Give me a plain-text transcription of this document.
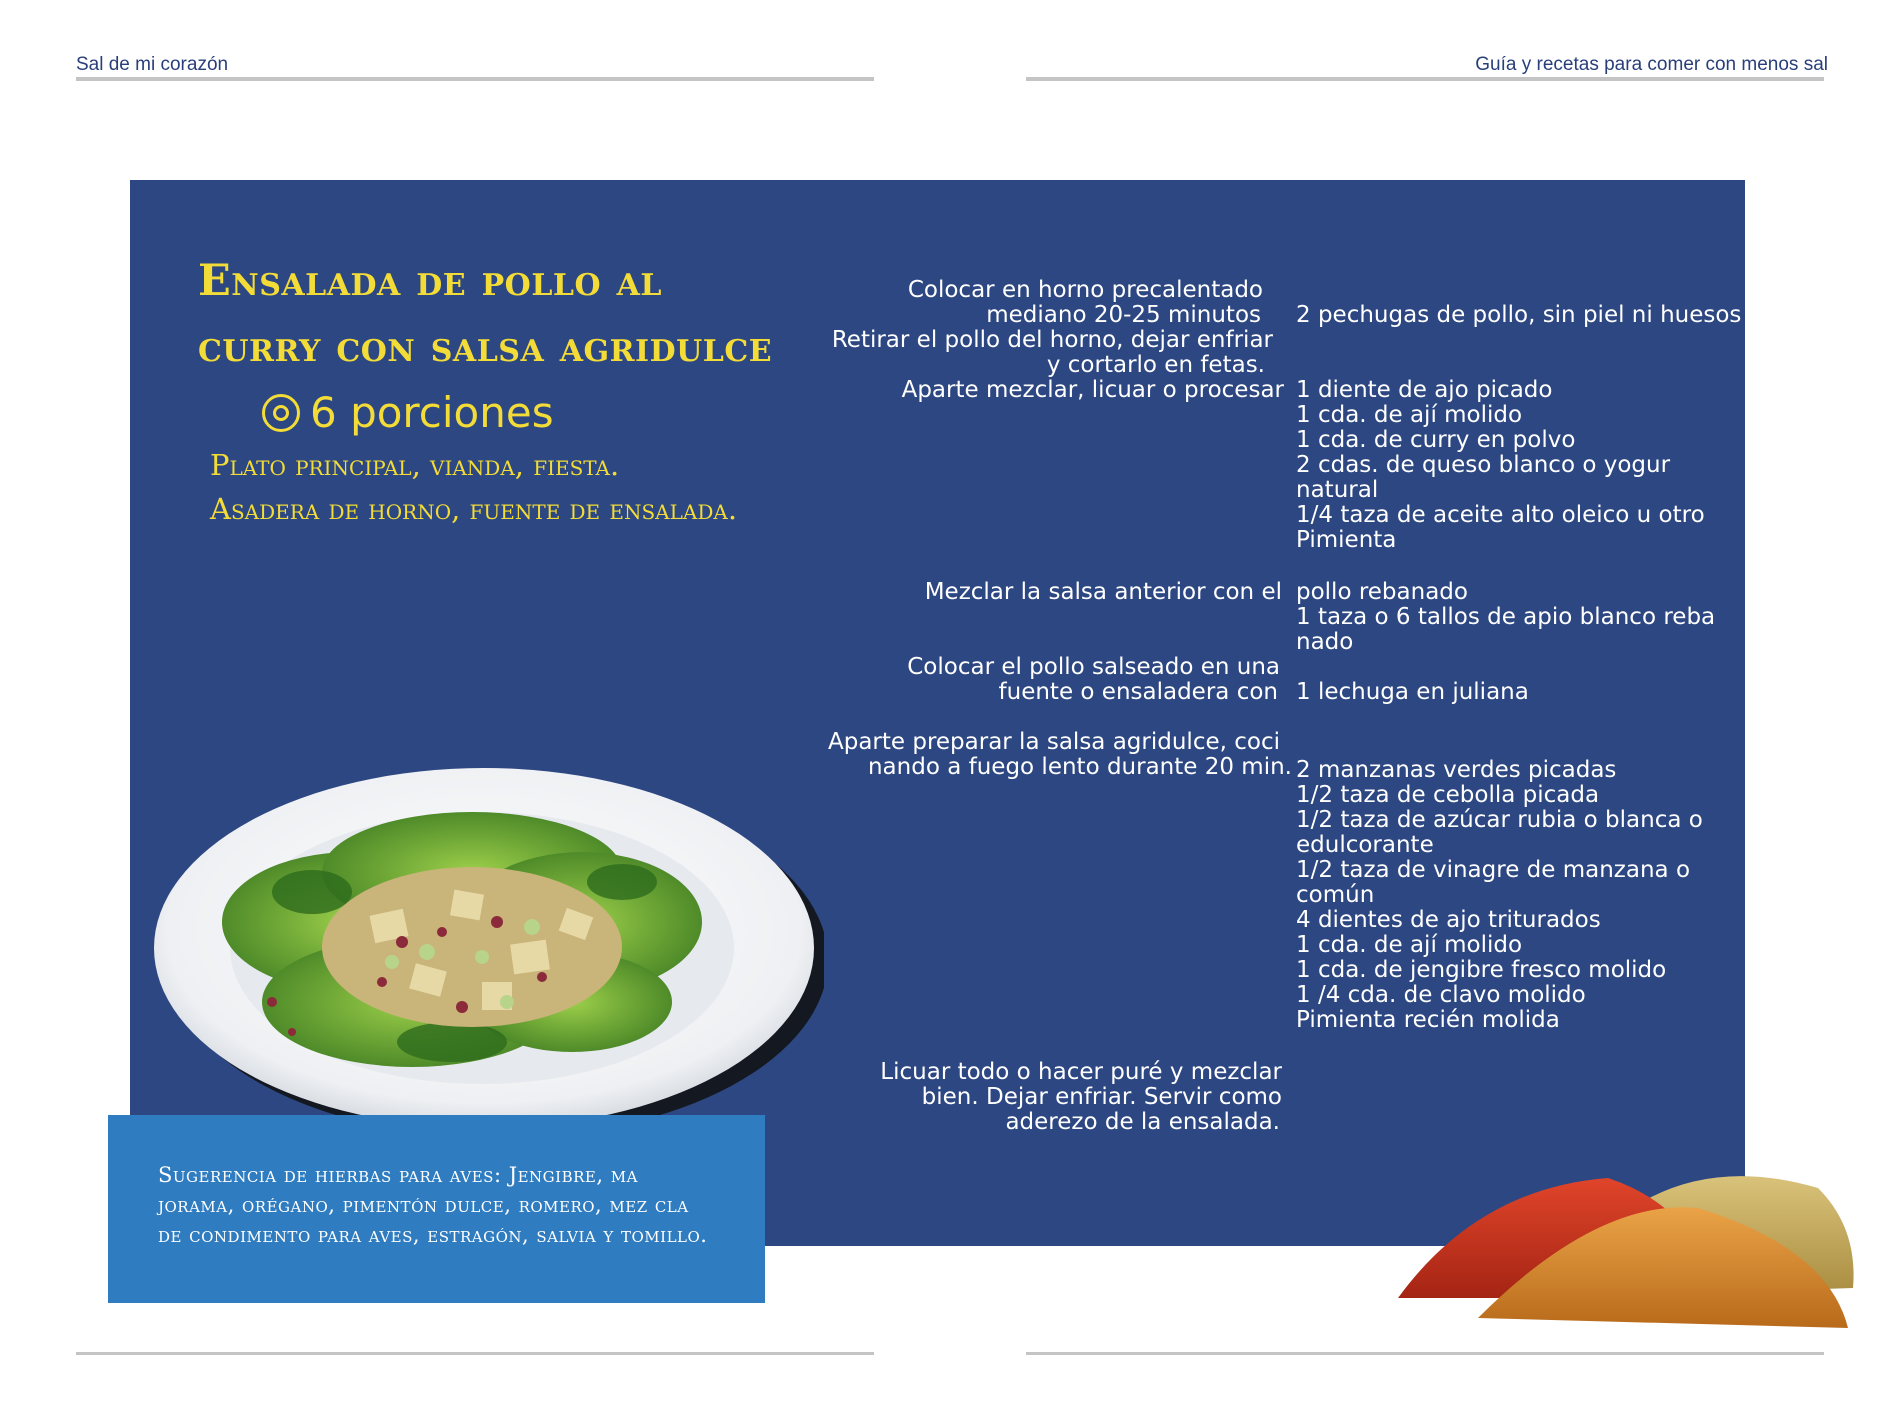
Sal de mi corazón	Guía y recetas para comer con menos sal
Ensalada de pollo al
curry con salsa agridulce
6 porciones
Plato principal, vianda, fiesta.
Asadera de horno, fuente de ensalada.
Sugerencia de hierbas para aves: Jengibre, ma jorama, orégano, pimentón dulce, romero, mez cla de condimento para aves, estragón, salvia y tomillo.
Colocar en horno precalentado
mediano 20-25 minutos
Retirar el pollo del horno, dejar enfriar
y cortarlo en fetas.
2 pechugas de pollo, sin piel ni huesos
Aparte mezclar, licuar o procesar 1 diente de ajo picado
1 cda. de ají molido
1 cda. de curry en polvo
2 cdas. de queso blanco o yogur
natural
1/4 taza de aceite alto oleico u otro
Pimienta
Mezclar la salsa anterior con el pollo rebanado
1 taza o 6 tallos de apio blanco reba
nado
Colocar el pollo salseado en una
fuente o ensaladera con 1 lechuga en juliana
Aparte preparar la salsa agridulce, coci
nando a fuego lento durante 20 min. 2 manzanas verdes picadas
1/2 taza de cebolla picada
1/2 taza de azúcar rubia o blanca o
edulcorante
1/2 taza de vinagre de manzana o
común
4 dientes de ajo triturados
1 cda. de ají molido
1 cda. de jengibre fresco molido
1 /4 cda. de clavo molido
Pimienta recién molida
Licuar todo o hacer puré y mezclar
bien. Dejar enfriar. Servir como
aderezo de la ensalada.
